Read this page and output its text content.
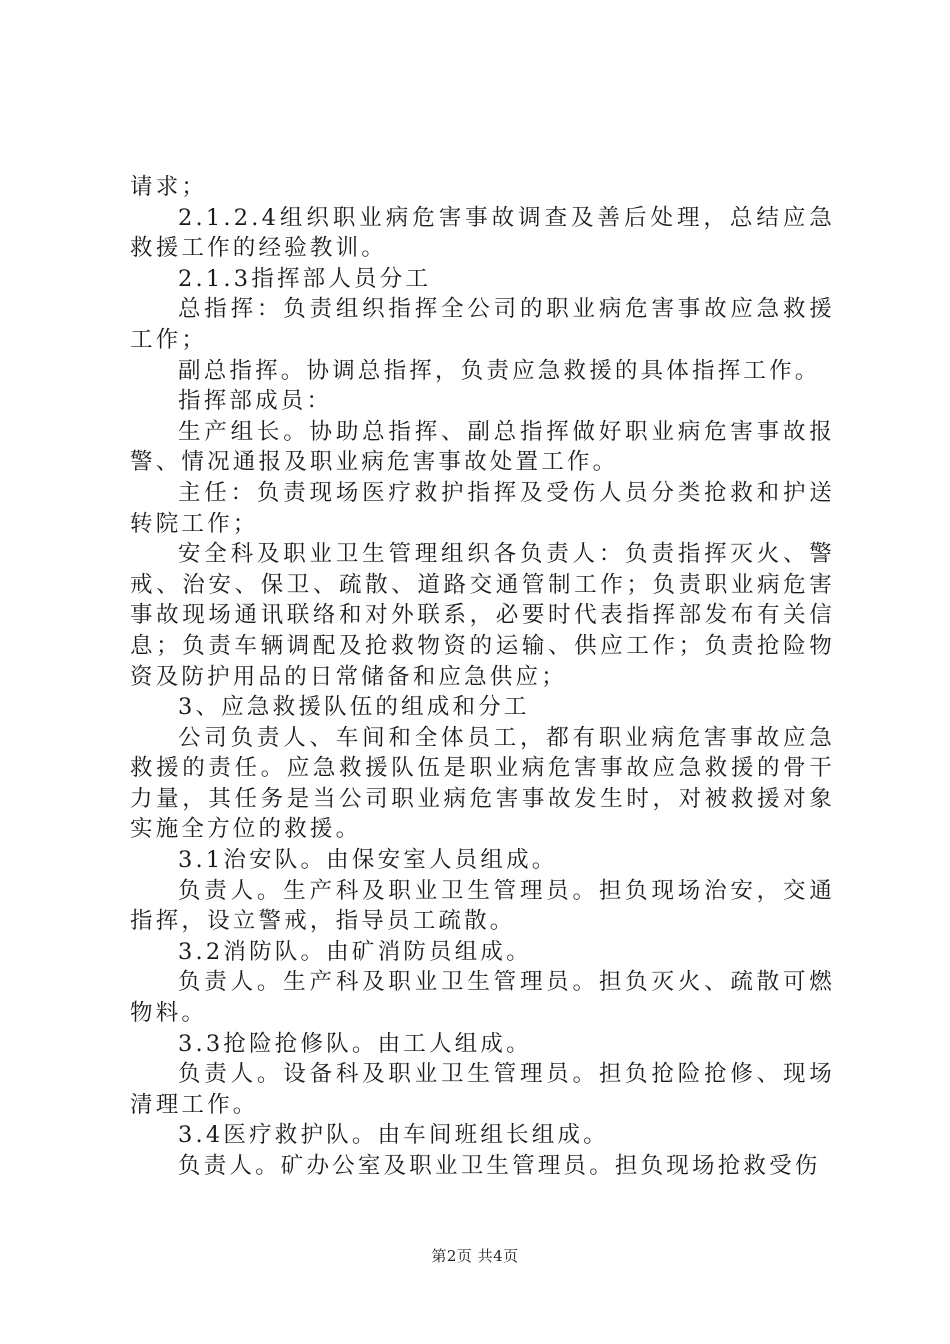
请求；

2.1.2.4组织职业病危害事故调查及善后处理，总结应急救援工作的经验教训。

2.1.3指挥部人员分工

总指挥：负责组织指挥全公司的职业病危害事故应急救援工作；

副总指挥。协调总指挥，负责应急救援的具体指挥工作。

指挥部成员：

生产组长。协助总指挥、副总指挥做好职业病危害事故报警、情况通报及职业病危害事故处置工作。

主任：负责现场医疗救护指挥及受伤人员分类抢救和护送转院工作；

安全科及职业卫生管理组织各负责人：负责指挥灭火、警戒、治安、保卫、疏散、道路交通管制工作；负责职业病危害事故现场通讯联络和对外联系，必要时代表指挥部发布有关信息；负责车辆调配及抢救物资的运输、供应工作；负责抢险物资及防护用品的日常储备和应急供应；

3、应急救援队伍的组成和分工

公司负责人、车间和全体员工，都有职业病危害事故应急救援的责任。应急救援队伍是职业病危害事故应急救援的骨干力量，其任务是当公司职业病危害事故发生时，对被救援对象实施全方位的救援。

3.1治安队。由保安室人员组成。

负责人。生产科及职业卫生管理员。担负现场治安，交通指挥，设立警戒，指导员工疏散。

3.2消防队。由矿消防员组成。

负责人。生产科及职业卫生管理员。担负灭火、疏散可燃物料。

3.3抢险抢修队。由工人组成。

负责人。设备科及职业卫生管理员。担负抢险抢修、现场清理工作。

3.4医疗救护队。由车间班组长组成。

负责人。矿办公室及职业卫生管理员。担负现场抢救受伤

第2页 共4页
